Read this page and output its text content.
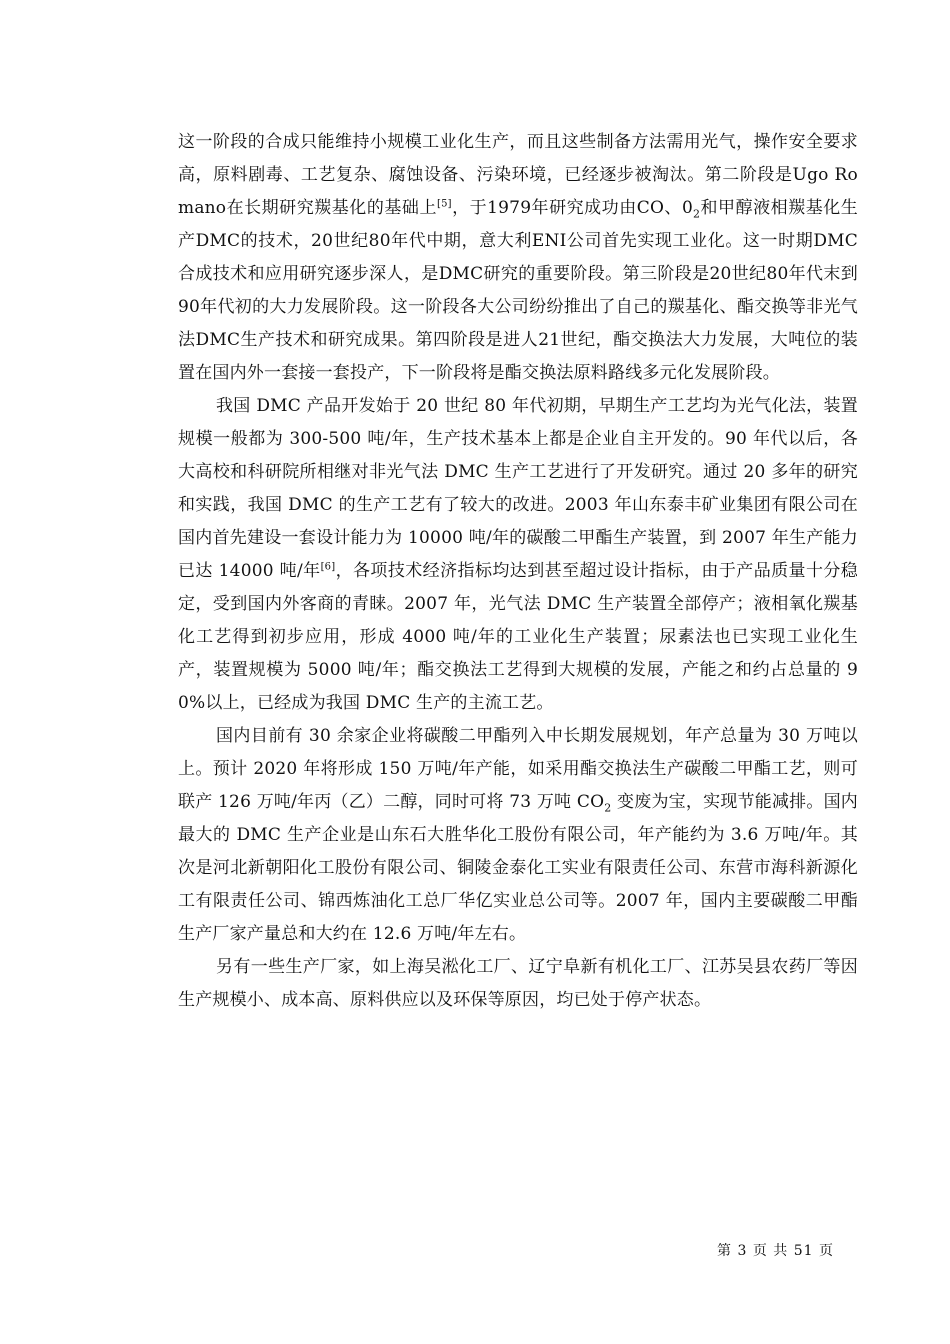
这一阶段的合成只能维持小规模工业化生产，而且这些制备方法需用光气，操作安全要求高，原料剧毒、工艺复杂、腐蚀设备、污染环境，已经逐步被淘汰。第二阶段是Ugo Romano在长期研究羰基化的基础上[5]，于1979年研究成功由CO、$0_2$和甲醇液相羰基化生产DMC的技术，20世纪80年代中期，意大利ENI公司首先实现工业化。这一时期DMC合成技术和应用研究逐步深人，是DMC研究的重要阶段。第三阶段是20世纪80年代末到90年代初的大力发展阶段。这一阶段各大公司纷纷推出了自己的羰基化、酯交换等非光气法DMC生产技术和研究成果。第四阶段是进人21世纪，酯交换法大力发展，大吨位的装置在国内外一套接一套投产，下一阶段将是酯交换法原料路线多元化发展阶段。

我国 DMC 产品开发始于 20 世纪 80 年代初期，早期生产工艺均为光气化法，装置规模一般都为 300-500 吨/年，生产技术基本上都是企业自主开发的。90 年代以后，各大高校和科研院所相继对非光气法 DMC 生产工艺进行了开发研究。通过 20 多年的研究和实践，我国 DMC 的生产工艺有了较大的改进。2003 年山东泰丰矿业集团有限公司在国内首先建设一套设计能力为 10000 吨/年的碳酸二甲酯生产装置，到 2007 年生产能力已达 14000 吨/年[6]，各项技术经济指标均达到甚至超过设计指标，由于产品质量十分稳定，受到国内外客商的青睐。2007 年，光气法 DMC 生产装置全部停产；液相氧化羰基化工艺得到初步应用，形成 4000 吨/年的工业化生产装置；尿素法也已实现工业化生产，装置规模为 5000 吨/年；酯交换法工艺得到大规模的发展，产能之和约占总量的 90%以上，已经成为我国 DMC 生产的主流工艺。

国内目前有 30 余家企业将碳酸二甲酯列入中长期发展规划，年产总量为 30 万吨以上。预计 2020 年将形成 150 万吨/年产能，如采用酯交换法生产碳酸二甲酯工艺，则可联产 126 万吨/年丙（乙）二醇，同时可将 73 万吨 $CO_2$ 变废为宝，实现节能减排。国内最大的 DMC 生产企业是山东石大胜华化工股份有限公司，年产能约为 3.6 万吨/年。其次是河北新朝阳化工股份有限公司、铜陵金泰化工实业有限责任公司、东营市海科新源化工有限责任公司、锦西炼油化工总厂华亿实业总公司等。2007 年，国内主要碳酸二甲酯生产厂家产量总和大约在 12.6 万吨/年左右。

另有一些生产厂家，如上海吴淞化工厂、辽宁阜新有机化工厂、江苏吴县农药厂等因生产规模小、成本高、原料供应以及环保等原因，均已处于停产状态。

第 3 页 共 51 页
